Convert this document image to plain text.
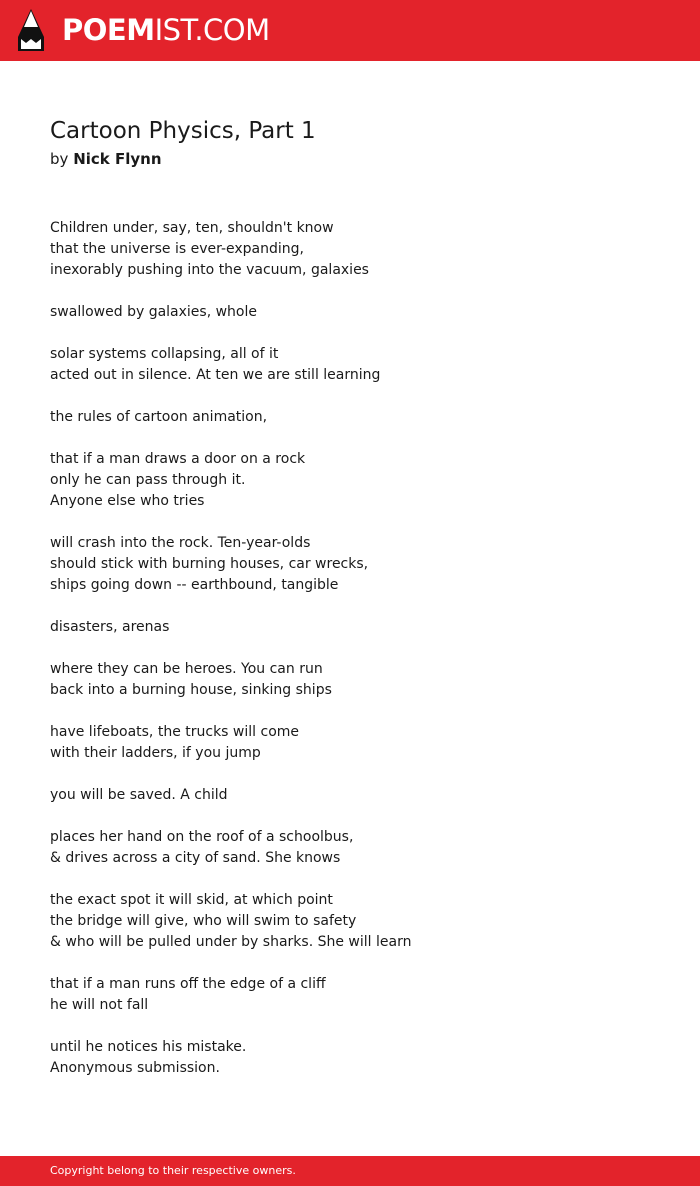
POEMIST.COM
Cartoon Physics, Part 1
by Nick Flynn
Children under, say, ten, shouldn't know
that the universe is ever-expanding,
inexorably pushing into the vacuum, galaxies
swallowed by galaxies, whole
solar systems collapsing, all of it
acted out in silence. At ten we are still learning
the rules of cartoon animation,
that if a man draws a door on a rock
only he can pass through it.
Anyone else who tries
will crash into the rock. Ten-year-olds
should stick with burning houses, car wrecks,
ships going down -- earthbound, tangible
disasters, arenas
where they can be heroes. You can run
back into a burning house, sinking ships
have lifeboats, the trucks will come
with their ladders, if you jump
you will be saved. A child
places her hand on the roof of a schoolbus,
& drives across a city of sand. She knows
the exact spot it will skid, at which point
the bridge will give, who will swim to safety
& who will be pulled under by sharks. She will learn
that if a man runs off the edge of a cliff
he will not fall
until he notices his mistake.
Anonymous submission.
Copyright belong to their respective owners.
